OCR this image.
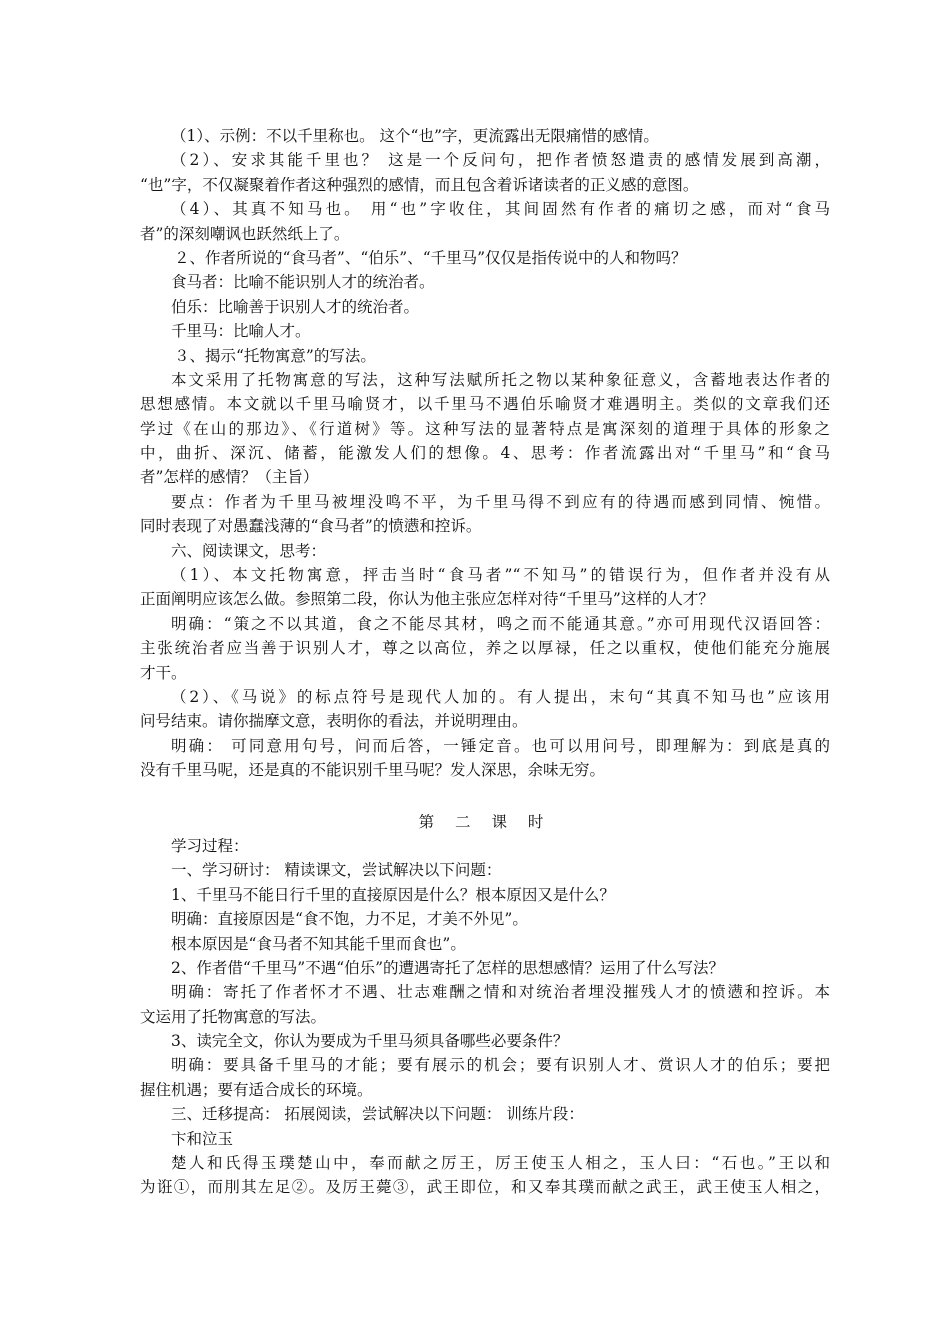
（1）、示例：不以千里称也。 这个“也”字，更流露出无限痛惜的感情。
（2）、安求其能千里也？ 这是一个反问句，把作者愤怒遣责的感情发展到高潮，
“也”字，不仅凝聚着作者这种强烈的感情，而且包含着诉诸读者的正义感的意图。
（4）、其真不知马也。 用“也”字收住，其间固然有作者的痛切之感，而对“食马
者”的深刻嘲讽也跃然纸上了。
２、作者所说的“食马者”、“伯乐”、“千里马”仅仅是指传说中的人和物吗？
食马者：比喻不能识别人才的统治者。
伯乐：比喻善于识别人才的统治者。
千里马：比喻人才。
３、揭示“托物寓意”的写法。
本文采用了托物寓意的写法，这种写法赋所托之物以某种象征意义，含蓄地表达作者的
思想感情。本文就以千里马喻贤才，以千里马不遇伯乐喻贤才难遇明主。类似的文章我们还
学过《在山的那边》、《行道树》等。这种写法的显著特点是寓深刻的道理于具体的形象之
中，曲折、深沉、储蓄，能激发人们的想像。4、思考：作者流露出对“千里马”和“食马
者”怎样的感情？（主旨）
要点：作者为千里马被埋没鸣不平，为千里马得不到应有的待遇而感到同情、惋惜。
同时表现了对愚蠢浅薄的“食马者”的愤懑和控诉。
六、阅读课文，思考：
（1）、本文托物寓意，抨击当时“食马者”“不知马”的错误行为，但作者并没有从
正面阐明应该怎么做。参照第二段，你认为他主张应怎样对待“千里马”这样的人才？
明确：“策之不以其道，食之不能尽其材，鸣之而不能通其意。”亦可用现代汉语回答：
主张统治者应当善于识别人才，尊之以高位，养之以厚禄，任之以重权，使他们能充分施展
才干。
（2）、《马说》的标点符号是现代人加的。有人提出，末句“其真不知马也”应该用
问号结束。请你揣摩文意，表明你的看法，并说明理由。
明确： 可同意用句号，问而后答，一锤定音。也可以用问号，即理解为：到底是真的
没有千里马呢，还是真的不能识别千里马呢？发人深思，余味无穷。
第 二 课 时
学习过程：
一、学习研讨： 精读课文，尝试解决以下问题：
1、千里马不能日行千里的直接原因是什么？根本原因又是什么？
明确：直接原因是“食不饱，力不足，才美不外见”。
根本原因是“食马者不知其能千里而食也”。
2、作者借“千里马”不遇“伯乐”的遭遇寄托了怎样的思想感情？运用了什么写法？
明确：寄托了作者怀才不遇、壮志难酬之情和对统治者埋没摧残人才的愤懑和控诉。本
文运用了托物寓意的写法。
3、读完全文，你认为要成为千里马须具备哪些必要条件？
明确：要具备千里马的才能；要有展示的机会；要有识别人才、赏识人才的伯乐；要把
握住机遇；要有适合成长的环境。
三、迁移提高： 拓展阅读，尝试解决以下问题： 训练片段：
卞和泣玉
楚人和氏得玉璞楚山中，奉而献之厉王，厉王使玉人相之，玉人曰：“石也。”王以和
为诳①，而刖其左足②。及厉王薨③，武王即位，和又奉其璞而献之武王，武王使玉人相之，
